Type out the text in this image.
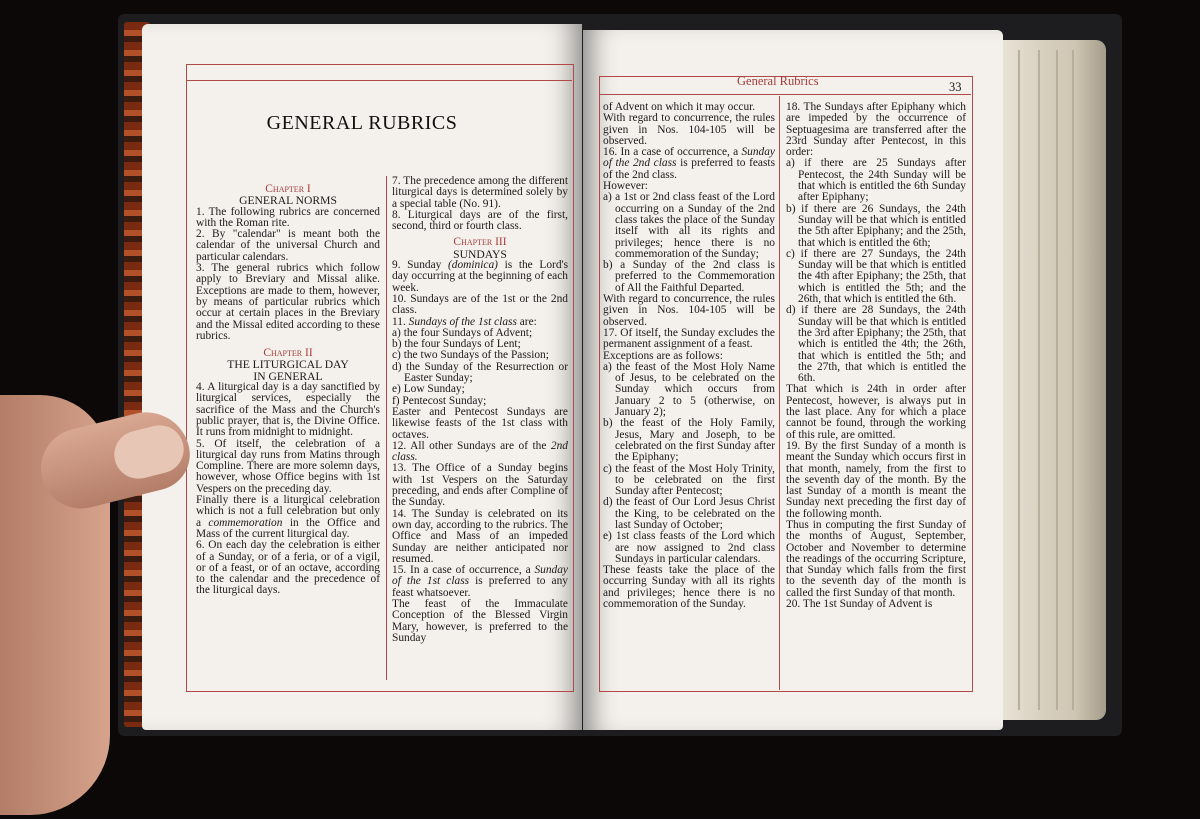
GENERAL RUBRICS

Chapter I

GENERAL NORMS

1. The following rubrics are concerned with the Roman rite.

2. By "calendar" is meant both the calendar of the universal Church and particular calendars.

3. The general rubrics which follow apply to Breviary and Missal alike. Exceptions are made to them, however, by means of particular rubrics which occur at certain places in the Breviary and the Missal edited according to these rubrics.

Chapter II

THE LITURGICAL DAY

IN GENERAL

4. A liturgical day is a day sanctified by liturgical services, especially the sacrifice of the Mass and the Church's public prayer, that is, the Divine Office. It runs from midnight to midnight.

5. Of itself, the celebration of a liturgical day runs from Matins through Compline. There are more solemn days, however, whose Office begins with 1st Vespers on the preceding day.

Finally there is a liturgical celebration which is not a full celebration but only a commemoration in the Office and Mass of the current liturgical day.

6. On each day the celebration is either of a Sunday, or of a feria, or of a vigil, or of a feast, or of an octave, according to the calendar and the precedence of the liturgical days.

7. The precedence among the different liturgical days is determined solely by a special table (No. 91).

8. Liturgical days are of the first, second, third or fourth class.

Chapter III

SUNDAYS

9. Sunday (dominica) is the Lord's day occurring at the beginning of each week.

10. Sundays are of the 1st or the 2nd class.

11. Sundays of the 1st class are:

a) the four Sundays of Advent;

b) the four Sundays of Lent;

c) the two Sundays of the Passion;

d) the Sunday of the Resurrection or Easter Sunday;

e) Low Sunday;

f) Pentecost Sunday;

Easter and Pentecost Sundays are likewise feasts of the 1st class with octaves.

12. All other Sundays are of the 2nd class.

13. The Office of a Sunday begins with 1st Vespers on the Saturday preceding, and ends after Compline of the Sunday.

14. The Sunday is celebrated on its own day, according to the rubrics. The Office and Mass of an impeded Sunday are neither anticipated nor resumed.

15. In a case of occurrence, a Sunday of the 1st class is preferred to any feast whatsoever.

The feast of the Immaculate Conception of the Blessed Virgin Mary, however, is preferred to the Sunday

General Rubrics	33

of Advent on which it may occur.

With regard to concurrence, the rules given in Nos. 104-105 will be observed.

16. In a case of occurrence, a Sunday of the 2nd class is preferred to feasts of the 2nd class.

However:

a) a 1st or 2nd class feast of the Lord occurring on a Sunday of the 2nd class takes the place of the Sunday itself with all its rights and privileges; hence there is no commemoration of the Sunday;

b) a Sunday of the 2nd class is preferred to the Commemoration of All the Faithful Departed.

With regard to concurrence, the rules given in Nos. 104-105 will be observed.

17. Of itself, the Sunday excludes the permanent assignment of a feast.

Exceptions are as follows:

a) the feast of the Most Holy Name of Jesus, to be celebrated on the Sunday which occurs from January 2 to 5 (otherwise, on January 2);

b) the feast of the Holy Family, Jesus, Mary and Joseph, to be celebrated on the first Sunday after the Epiphany;

c) the feast of the Most Holy Trinity, to be celebrated on the first Sunday after Pentecost;

d) the feast of Our Lord Jesus Christ the King, to be celebrated on the last Sunday of October;

e) 1st class feasts of the Lord which are now assigned to 2nd class Sundays in particular calendars.

These feasts take the place of the occurring Sunday with all its rights and privileges; hence there is no commemoration of the Sunday.

18. The Sundays after Epiphany which are impeded by the occurrence of Septuagesima are transferred after the 23rd Sunday after Pentecost, in this order:

a) if there are 25 Sundays after Pentecost, the 24th Sunday will be that which is entitled the 6th Sunday after Epiphany;

b) if there are 26 Sundays, the 24th Sunday will be that which is entitled the 5th after Epiphany; and the 25th, that which is entitled the 6th;

c) if there are 27 Sundays, the 24th Sunday will be that which is entitled the 4th after Epiphany; the 25th, that which is entitled the 5th; and the 26th, that which is entitled the 6th.

d) if there are 28 Sundays, the 24th Sunday will be that which is entitled the 3rd after Epiphany; the 25th, that which is entitled the 4th; the 26th, that which is entitled the 5th; and the 27th, that which is entitled the 6th.

That which is 24th in order after Pentecost, however, is always put in the last place. Any for which a place cannot be found, through the working of this rule, are omitted.

19. By the first Sunday of a month is meant the Sunday which occurs first in that month, namely, from the first to the seventh day of the month. By the last Sunday of a month is meant the Sunday next preceding the first day of the following month.

Thus in computing the first Sunday of the months of August, September, October and November to determine the readings of the occurring Scripture, that Sunday which falls from the first to the seventh day of the month is called the first Sunday of that month.

20. The 1st Sunday of Advent is
